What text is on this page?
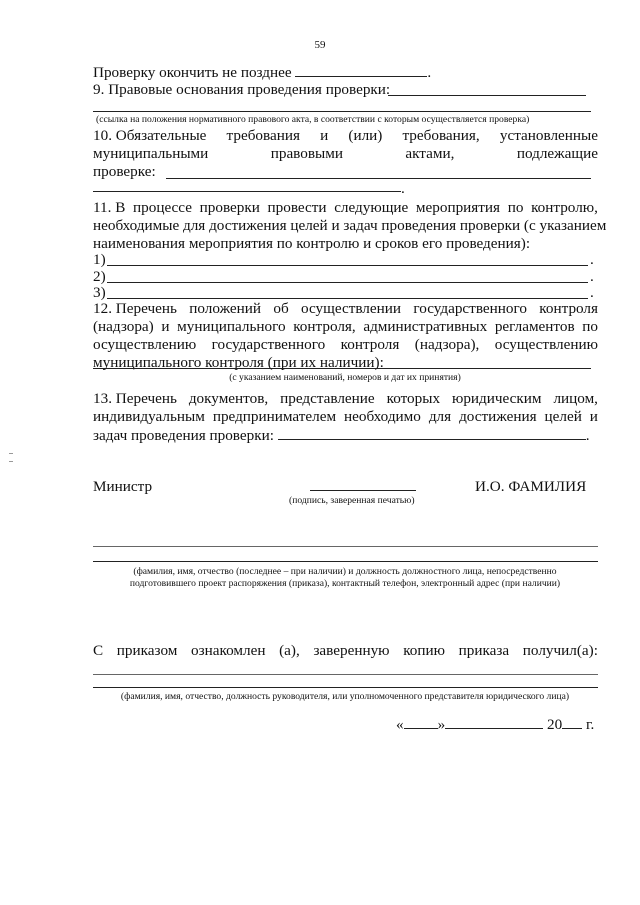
59
Проверку окончить не позднее	.
9. Правовые основания проведения проверки:
(ссылка на положения нормативного правового акта, в соответствии с которым осуществляется проверка)
10. Обязательные требования и (или) требования, установленные
муниципальными	правовыми	актами,	подлежащие
проверке:
.
11. В процессе проверки провести следующие мероприятия по контролю,
необходимые для достижения целей и задач проведения проверки (с указанием
наименования мероприятия по контролю и сроков его проведения):
1)	.
2)	.
3)	.
12. Перечень положений об осуществлении государственного контроля
(надзора) и муниципального контроля, административных регламентов по
осуществлению государственного контроля (надзора), осуществлению
муниципального контроля (при их наличии):
(с указанием наименований, номеров и дат их принятия)
13. Перечень документов, представление которых юридическим лицом,
индивидуальным предпринимателем необходимо для достижения целей и
задач проведения проверки:	.
Министр	И.О. ФАМИЛИЯ
(подпись, заверенная печатью)
(фамилия, имя, отчество (последнее – при наличии) и должность должностного лица, непосредственно
подготовившего проект распоряжения (приказа), контактный телефон, электронный адрес (при наличии)
С приказом ознакомлен (а), заверенную копию приказа получил(а):
(фамилия, имя, отчество, должность руководителя, или уполномоченного представителя юридического лица)
« »	20 г.
